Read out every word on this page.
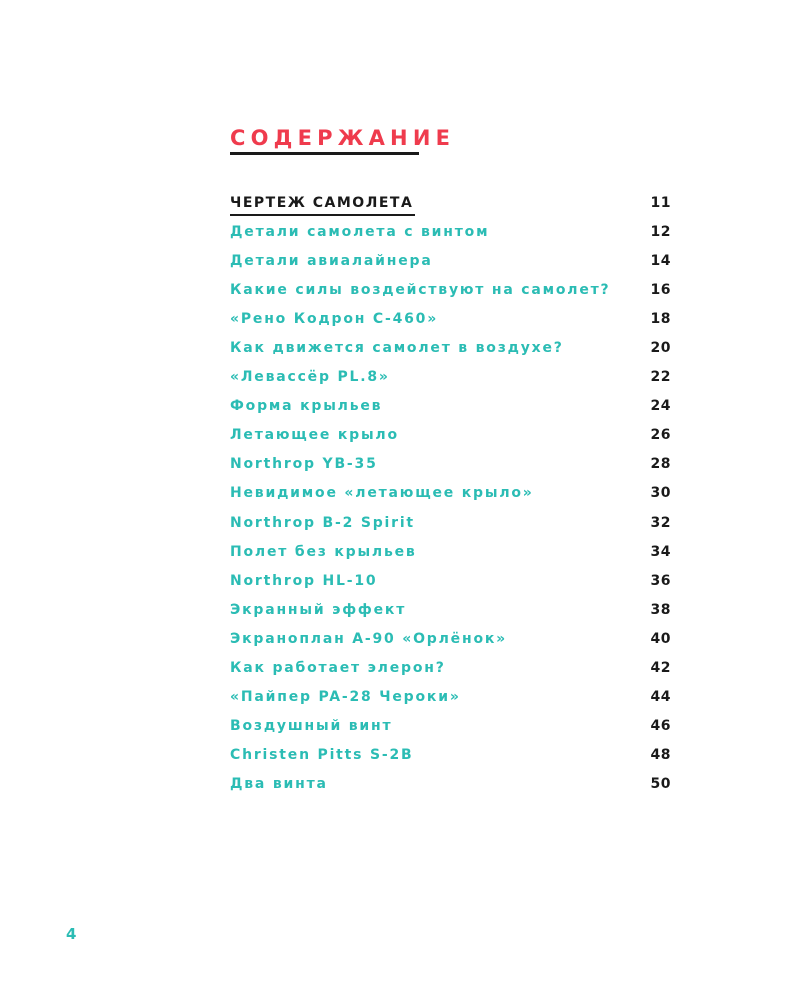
СОДЕРЖАНИЕ
ЧЕРТЕЖ САМОЛЕТА	11
Детали самолета с винтом	12
Детали авиалайнера	14
Какие силы воздействуют на самолет?	16
«Рено Кодрон С-460»	18
Как движется самолет в воздухе?	20
«Левассёр PL.8»	22
Форма крыльев	24
Летающее крыло	26
Northrop YB-35	28
Невидимое «летающее крыло»	30
Northrop B-2 Spirit	32
Полет без крыльев	34
Northrop HL-10	36
Экранный эффект	38
Экраноплан А-90 «Орлёнок»	40
Как работает элерон?	42
«Пайпер PA-28 Чероки»	44
Воздушный винт	46
Christen Pitts S-2B	48
Два винта	50
4
